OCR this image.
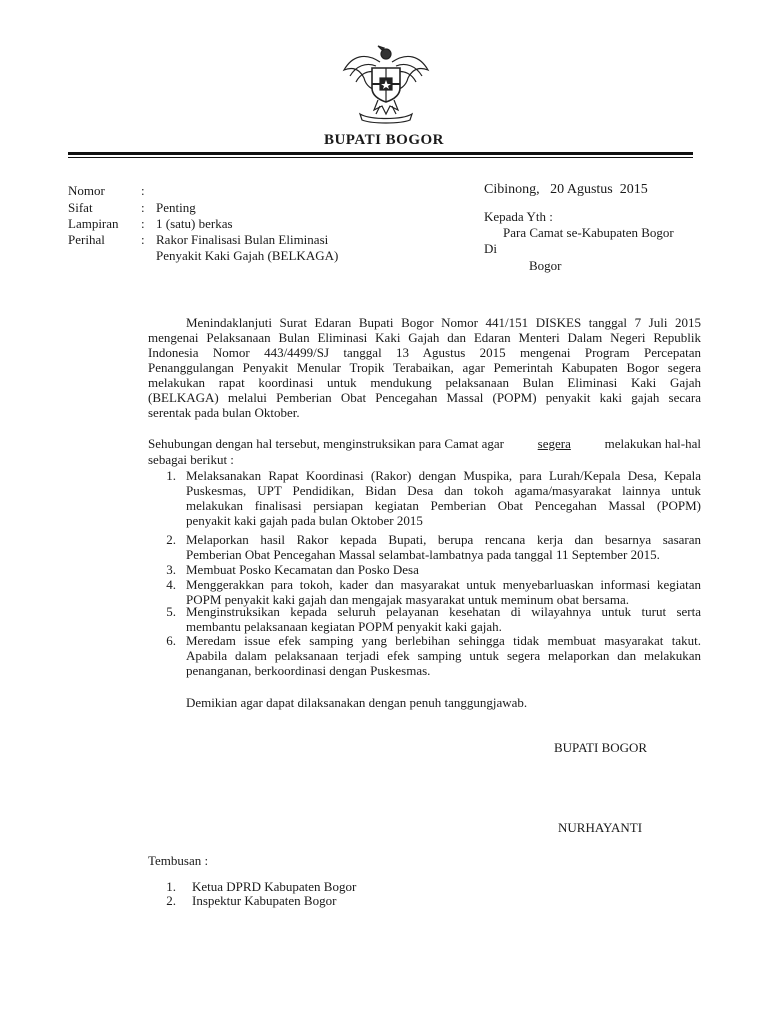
BUPATI BOGOR
Nomor	:
Sifat	: Penting
Lampiran	: 1 (satu) berkas
Perihal	: Rakor Finalisasi Bulan Eliminasi
Penyakit Kaki Gajah (BELKAGA)
Cibinong,   20 Agustus  2015
Kepada Yth :
Para Camat se-Kabupaten Bogor
Di
Bogor
Menindaklanjuti Surat Edaran Bupati Bogor Nomor 441/151 DISKES tanggal 7 Juli 2015
mengenai Pelaksanaan Bulan Eliminasi Kaki Gajah dan Edaran Menteri Dalam Negeri Republik
Indonesia Nomor 443/4499/SJ tanggal 13 Agustus 2015 mengenai Program Percepatan
Penanggulangan Penyakit Menular Tropik Terabaikan, agar Pemerintah Kabupaten Bogor segera
melakukan rapat koordinasi untuk mendukung pelaksanaan Bulan Eliminasi Kaki Gajah
(BELKAGA) melalui Pemberian Obat Pencegahan Massal (POPM) penyakit kaki gajah secara
serentak pada bulan Oktober.
Sehubungan dengan hal tersebut, menginstruksikan para Camat agar	segera	melakukan hal-hal
sebagai berikut :
1. Melaksanakan Rapat Koordinasi (Rakor) dengan Muspika, para Lurah/Kepala Desa, Kepala
Puskesmas, UPT Pendidikan, Bidan Desa dan tokoh agama/masyarakat lainnya untuk
melakukan finalisasi persiapan kegiatan Pemberian Obat Pencegahan Massal (POPM)
penyakit kaki gajah pada bulan Oktober 2015
2. Melaporkan hasil Rakor kepada Bupati, berupa rencana kerja dan besarnya sasaran
Pemberian Obat Pencegahan Massal selambat-lambatnya pada tanggal 11 September 2015.
3. Membuat Posko Kecamatan dan Posko Desa
4. Menggerakkan para tokoh, kader dan masyarakat untuk menyebarluaskan informasi kegiatan
POPM penyakit kaki gajah dan mengajak masyarakat untuk meminum obat bersama.
5. Menginstruksikan kepada seluruh pelayanan kesehatan di wilayahnya untuk turut serta
membantu pelaksanaan kegiatan POPM penyakit kaki gajah.
6. Meredam issue efek samping yang berlebihan sehingga tidak membuat masyarakat takut.
Apabila dalam pelaksanaan terjadi efek samping untuk segera melaporkan dan melakukan
penanganan, berkoordinasi dengan Puskesmas.
Demikian agar dapat dilaksanakan dengan penuh tanggungjawab.
BUPATI BOGOR
NURHAYANTI
Tembusan :
1. Ketua DPRD Kabupaten Bogor
2. Inspektur Kabupaten Bogor
